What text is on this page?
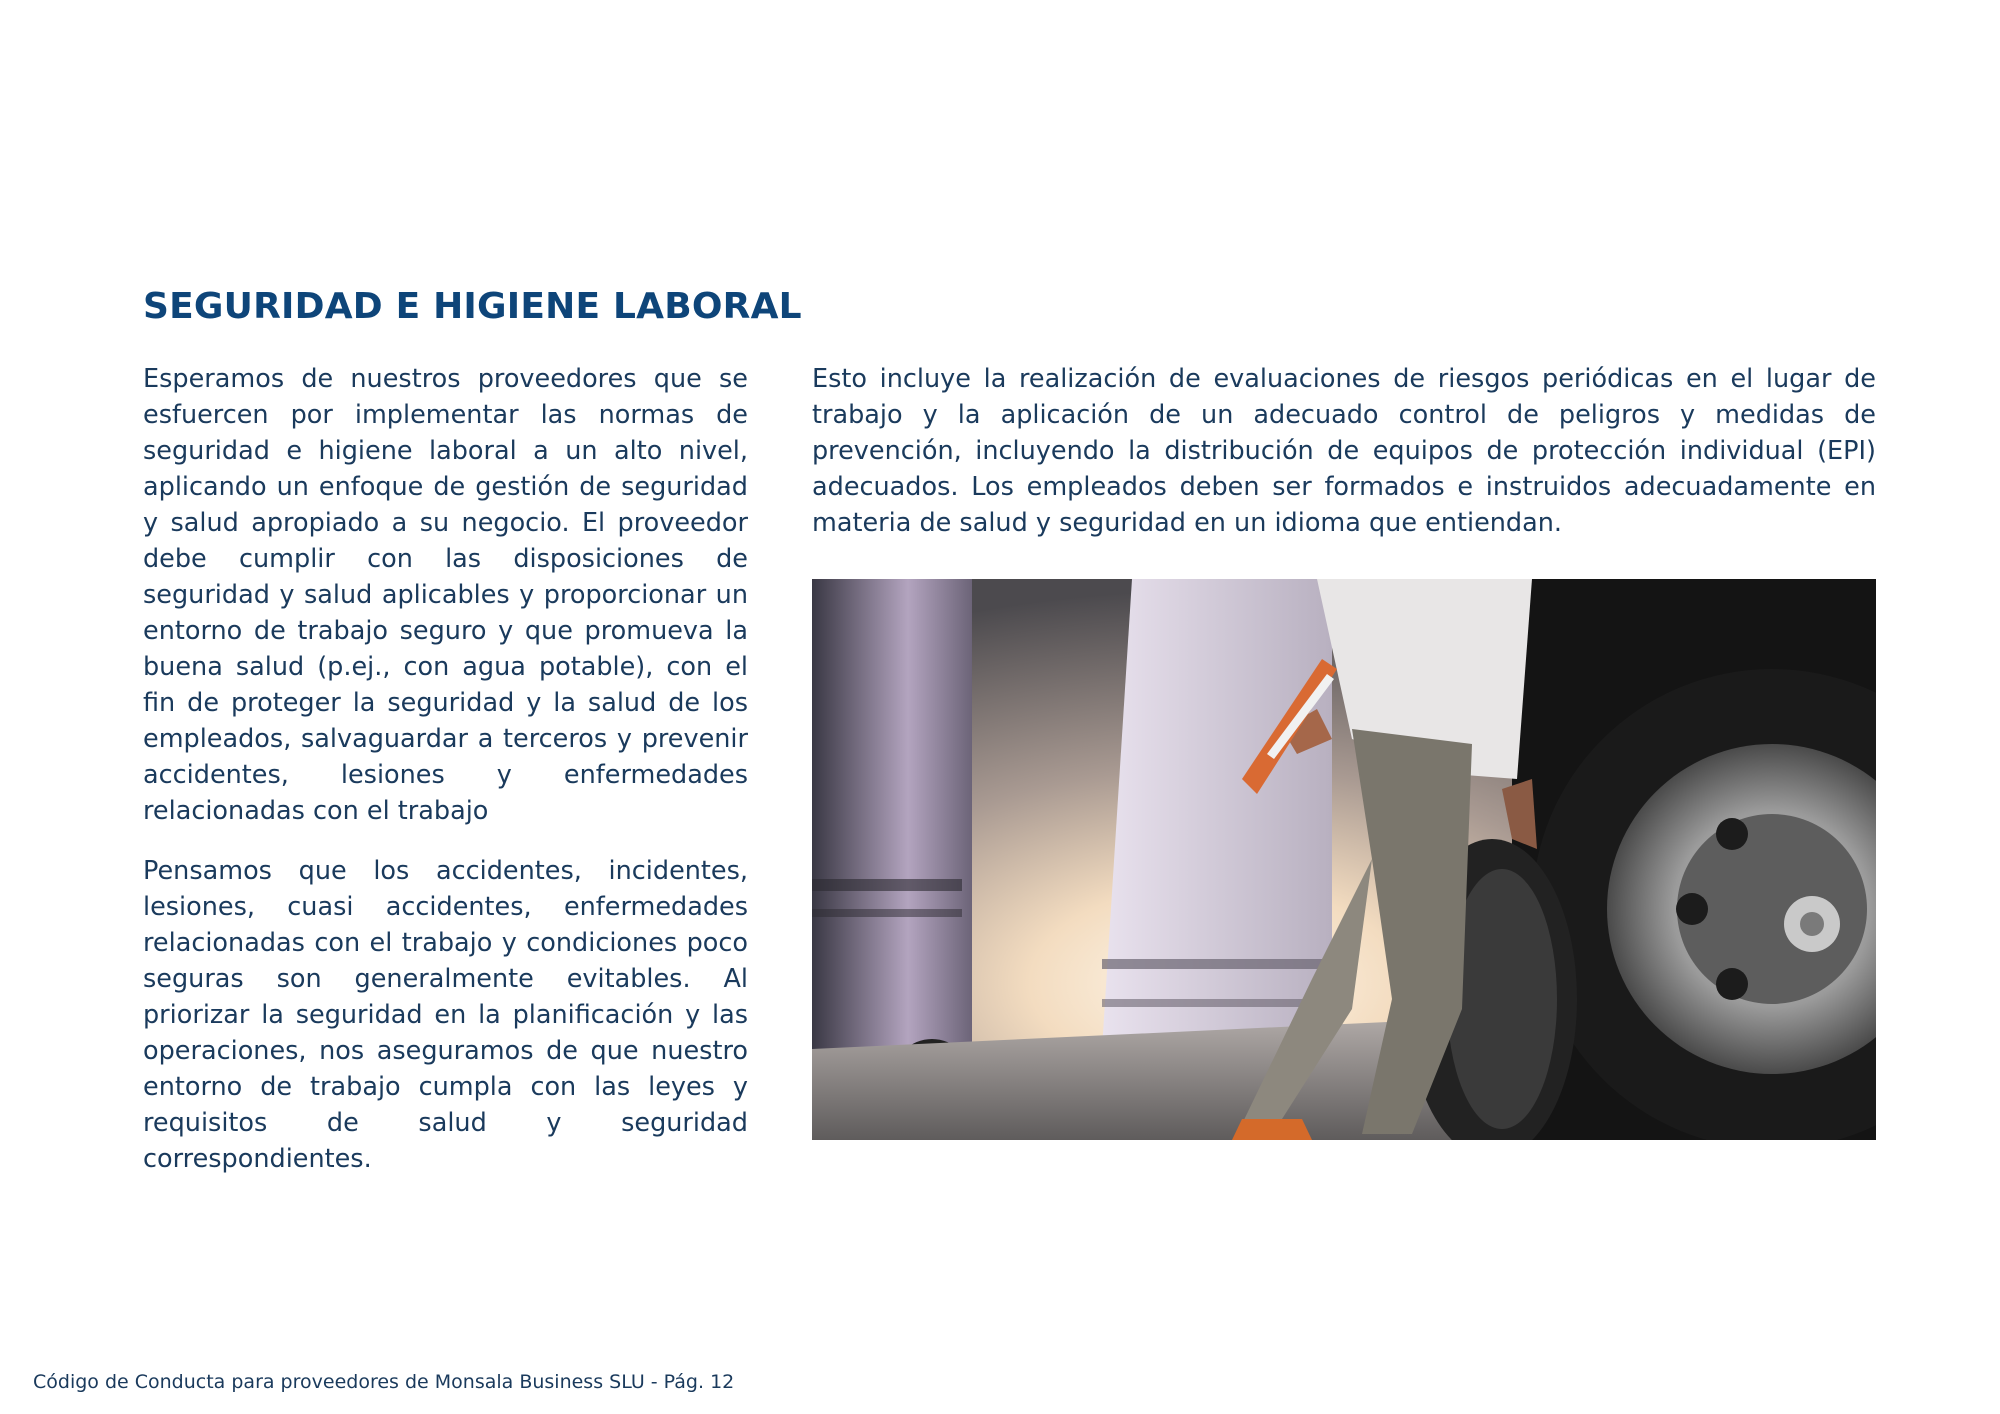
SEGURIDAD E HIGIENE LABORAL

Esperamos de nuestros proveedores que se esfuercen por implementar las normas de seguridad e higiene laboral a un alto nivel, aplicando un enfoque de gestión de seguridad y salud apropiado a su negocio. El proveedor debe cumplir con las disposiciones de seguridad y salud aplicables y proporcionar un entorno de trabajo seguro y que promueva la buena salud (p.ej., con agua potable), con el fin de proteger la seguridad y la salud de los empleados, salvaguardar a terceros y prevenir accidentes, lesiones y enfermedades relacionadas con el trabajo

Pensamos que los accidentes, incidentes, lesiones, cuasi accidentes, enfermedades relacionadas con el trabajo y condiciones poco seguras son generalmente evitables. Al priorizar la seguridad en la planificación y las operaciones, nos aseguramos de que nuestro entorno de trabajo cumpla con las leyes y requisitos de salud y seguridad correspondientes.

Esto incluye la realización de evaluaciones de riesgos periódicas en el lugar de trabajo y la aplicación de un adecuado control de peligros y medidas de prevención, incluyendo la distribución de equipos de protección individual (EPI) adecuados. Los empleados deben ser formados e instruidos adecuadamente en materia de salud y seguridad en un idioma que entiendan.

Código de Conducta para proveedores de Monsala Business SLU - Pág. 12
